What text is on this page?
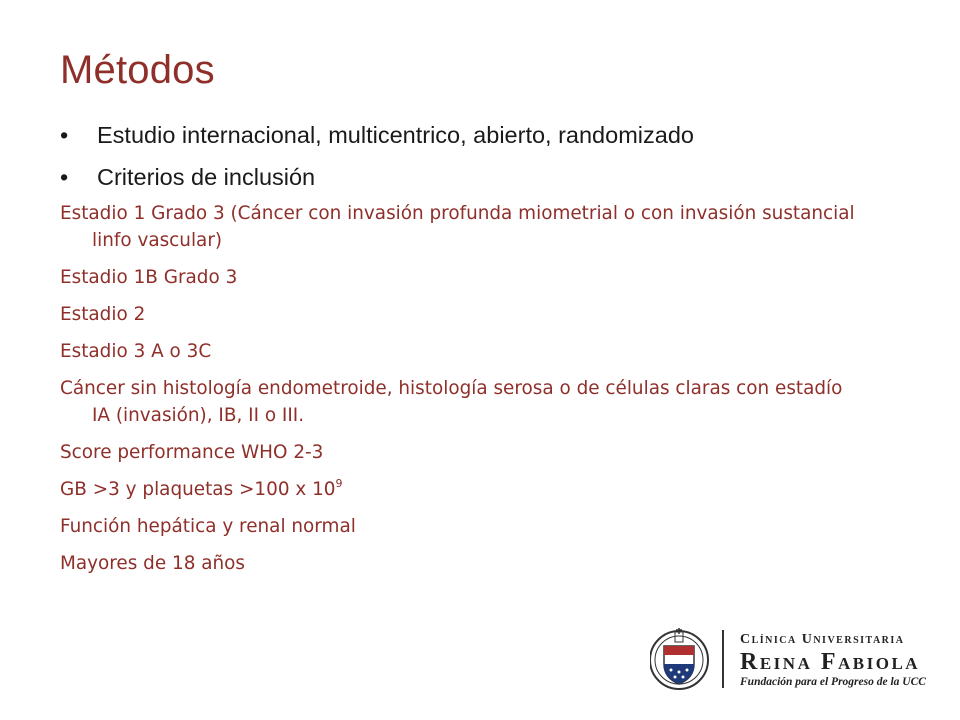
Métodos
• Estudio internacional, multicentrico, abierto, randomizado
• Criterios de inclusión
Estadio 1 Grado 3 (Cáncer con invasión profunda miometrial o con invasión sustancial linfo vascular)
Estadio 1B Grado 3
Estadio 2
Estadio 3 A o 3C
Cáncer sin histología endometroide, histología serosa o de células claras con estadío IA (invasión), IB, II o III.
Score performance WHO 2-3
GB >3 y plaquetas >100 x $10^9$
Función hepática y renal normal
Mayores de 18 años
Clínica Universitaria
Reina Fabiola
Fundación para el Progreso de la UCC
